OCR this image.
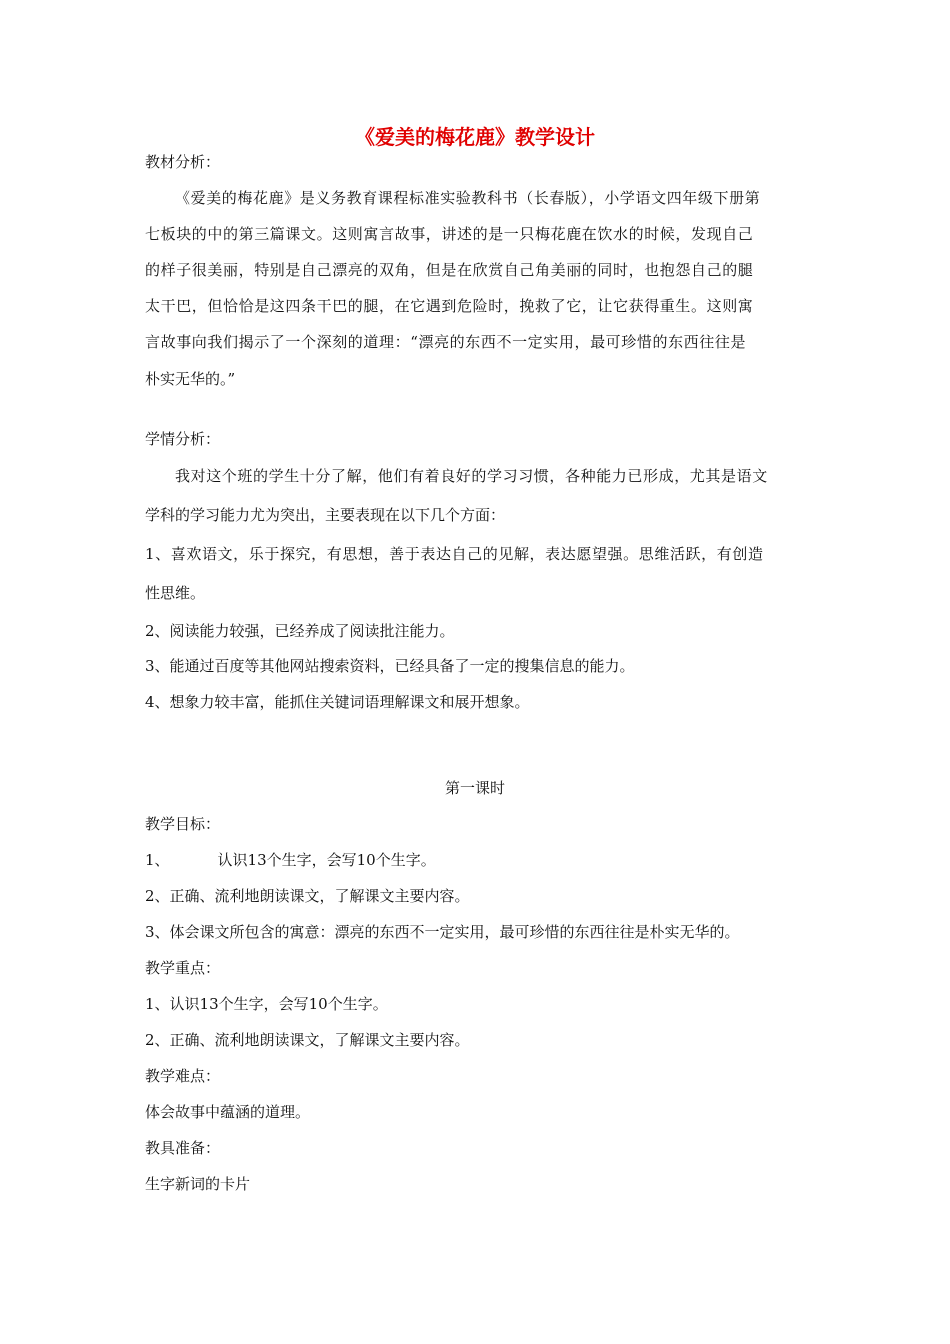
《爱美的梅花鹿》教学设计
教材分析：
《爱美的梅花鹿》是义务教育课程标准实验教科书（长春版），小学语文四年级下册第
七板块的中的第三篇课文。这则寓言故事，讲述的是一只梅花鹿在饮水的时候，发现自己
的样子很美丽，特别是自己漂亮的双角，但是在欣赏自己角美丽的同时，也抱怨自己的腿
太干巴，但恰恰是这四条干巴的腿，在它遇到危险时，挽救了它，让它获得重生。这则寓
言故事向我们揭示了一个深刻的道理：“漂亮的东西不一定实用，最可珍惜的东西往往是
朴实无华的。”
学情分析：
我对这个班的学生十分了解，他们有着良好的学习习惯，各种能力已形成，尤其是语文
学科的学习能力尤为突出，主要表现在以下几个方面：
1、喜欢语文，乐于探究，有思想，善于表达自己的见解，表达愿望强。思维活跃，有创造
性思维。
2、阅读能力较强，已经养成了阅读批注能力。
3、能通过百度等其他网站搜索资料，已经具备了一定的搜集信息的能力。
4、想象力较丰富，能抓住关键词语理解课文和展开想象。
第一课时
教学目标：
1、	认识13个生字，会写10个生字。
2、正确、流利地朗读课文，了解课文主要内容。
3、体会课文所包含的寓意：漂亮的东西不一定实用，最可珍惜的东西往往是朴实无华的。
教学重点：
1、认识13个生字，会写10个生字。
2、正确、流利地朗读课文，了解课文主要内容。
教学难点：
体会故事中蕴涵的道理。
教具准备：
生字新词的卡片
